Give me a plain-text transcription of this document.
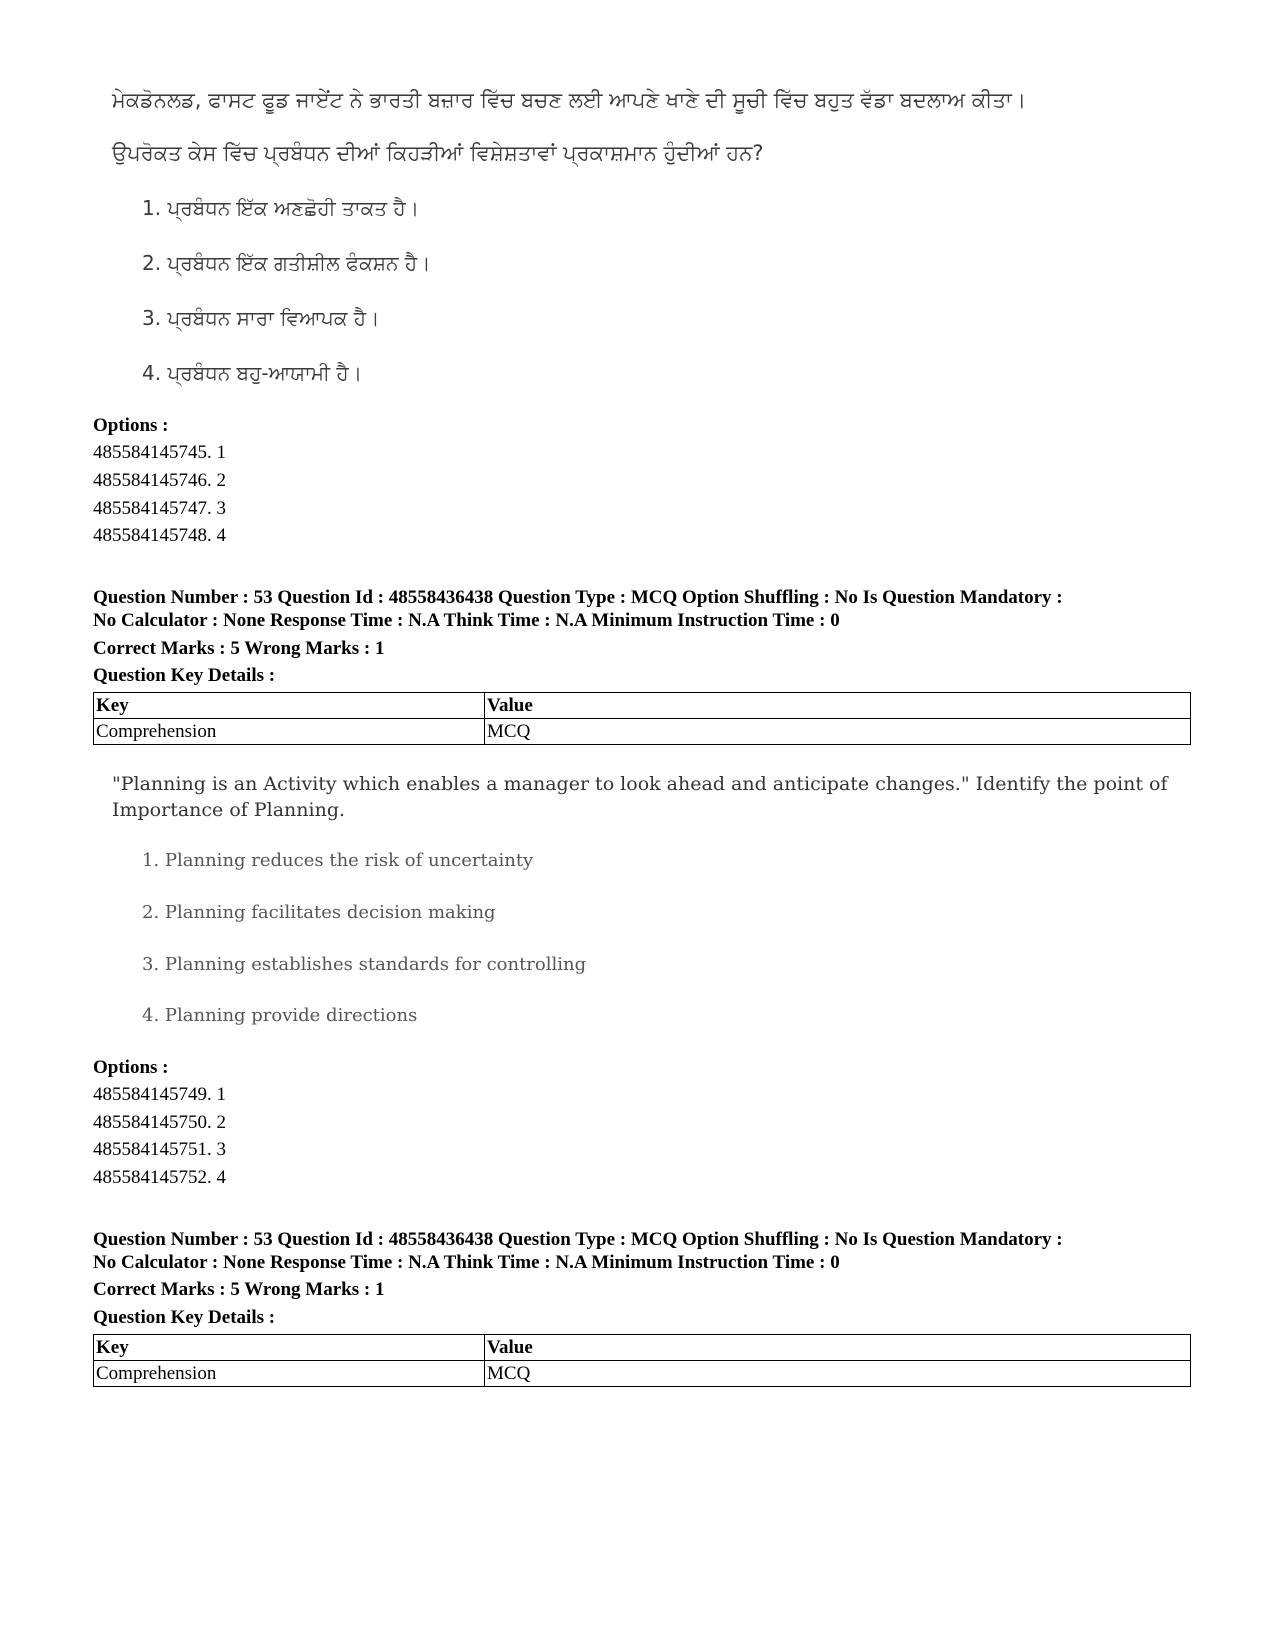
ਮੇਕਡੋਨਲਡ, ਫਾਸਟ ਫੂਡ ਜਾਏਂਟ ਨੇ ਭਾਰਤੀ ਬਜ਼ਾਰ ਵਿੱਚ ਬਚਣ ਲਈ ਆਪਣੇ ਖਾਣੇ ਦੀ ਸੂਚੀ ਵਿੱਚ ਬਹੁਤ ਵੱਡਾ ਬਦਲਾਅ ਕੀਤਾ।
ਉਪਰੋਕਤ ਕੇਸ ਵਿੱਚ ਪ੍ਰਬੰਧਨ ਦੀਆਂ ਕਿਹੜੀਆਂ ਵਿਸ਼ੇਸ਼ਤਾਵਾਂ ਪ੍ਰਕਾਸ਼ਮਾਨ ਹੁੰਦੀਆਂ ਹਨ?
1. ਪ੍ਰਬੰਧਨ ਇੱਕ ਅਣਛੋਹੀ ਤਾਕਤ ਹੈ।
2. ਪ੍ਰਬੰਧਨ ਇੱਕ ਗਤੀਸ਼ੀਲ ਫੰਕਸ਼ਨ ਹੈ।
3. ਪ੍ਰਬੰਧਨ ਸਾਰਾ ਵਿਆਪਕ ਹੈ।
4. ਪ੍ਰਬੰਧਨ ਬਹੁ-ਆਯਾਮੀ ਹੈ।
Options :
485584145745. 1
485584145746. 2
485584145747. 3
485584145748. 4
Question Number : 53 Question Id : 48558436438 Question Type : MCQ Option Shuffling : No Is Question Mandatory :
No Calculator : None Response Time : N.A Think Time : N.A Minimum Instruction Time : 0
Correct Marks : 5 Wrong Marks : 1
Question Key Details :
Key	Value
Comprehension	MCQ
"Planning is an Activity which enables a manager to look ahead and anticipate changes." Identify the point of
Importance of Planning.
1. Planning reduces the risk of uncertainty
2. Planning facilitates decision making
3. Planning establishes standards for controlling
4. Planning provide directions
Options :
485584145749. 1
485584145750. 2
485584145751. 3
485584145752. 4
Question Number : 53 Question Id : 48558436438 Question Type : MCQ Option Shuffling : No Is Question Mandatory :
No Calculator : None Response Time : N.A Think Time : N.A Minimum Instruction Time : 0
Correct Marks : 5 Wrong Marks : 1
Question Key Details :
Key	Value
Comprehension	MCQ
